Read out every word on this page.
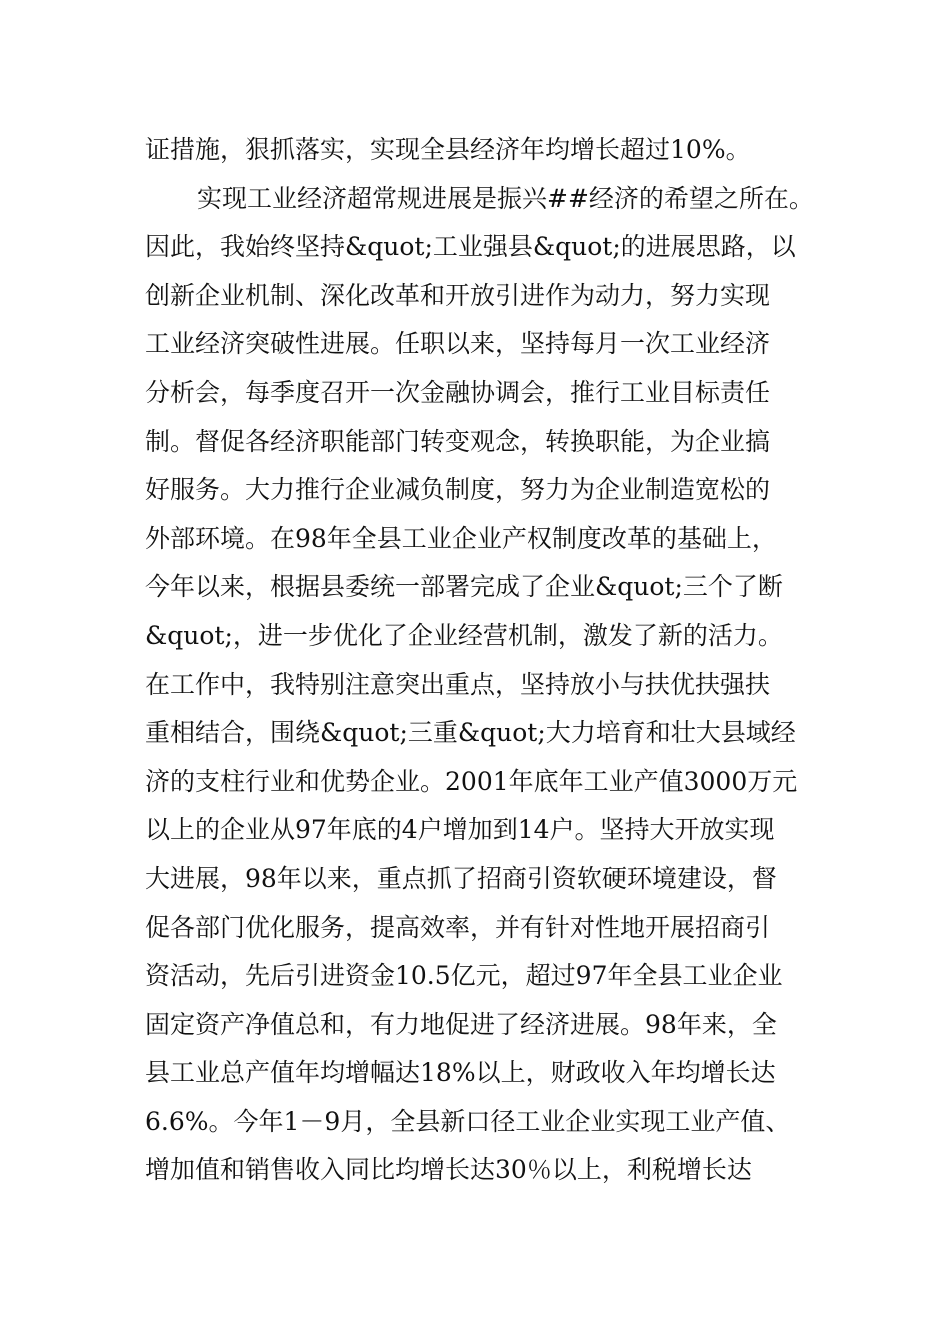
证措施，狠抓落实，实现全县经济年均增长超过10%。
实现工业经济超常规进展是振兴##经济的希望之所在。
因此，我始终坚持&quot;工业强县&quot;的进展思路，以
创新企业机制、深化改革和开放引进作为动力，努力实现
工业经济突破性进展。任职以来，坚持每月一次工业经济
分析会，每季度召开一次金融协调会，推行工业目标责任
制。督促各经济职能部门转变观念，转换职能，为企业搞
好服务。大力推行企业减负制度，努力为企业制造宽松的
外部环境。在98年全县工业企业产权制度改革的基础上，
今年以来，根据县委统一部署完成了企业&quot;三个了断
&quot;，进一步优化了企业经营机制，激发了新的活力。
在工作中，我特别注意突出重点，坚持放小与扶优扶强扶
重相结合，围绕&quot;三重&quot;大力培育和壮大县域经
济的支柱行业和优势企业。2001年底年工业产值3000万元
以上的企业从97年底的4户增加到14户。坚持大开放实现
大进展，98年以来，重点抓了招商引资软硬环境建设，督
促各部门优化服务，提高效率，并有针对性地开展招商引
资活动，先后引进资金10.5亿元，超过97年全县工业企业
固定资产净值总和，有力地促进了经济进展。98年来，全
县工业总产值年均增幅达18%以上，财政收入年均增长达
6.6%。今年1－9月，全县新口径工业企业实现工业产值、
增加值和销售收入同比均增长达30％以上，利税增长达
